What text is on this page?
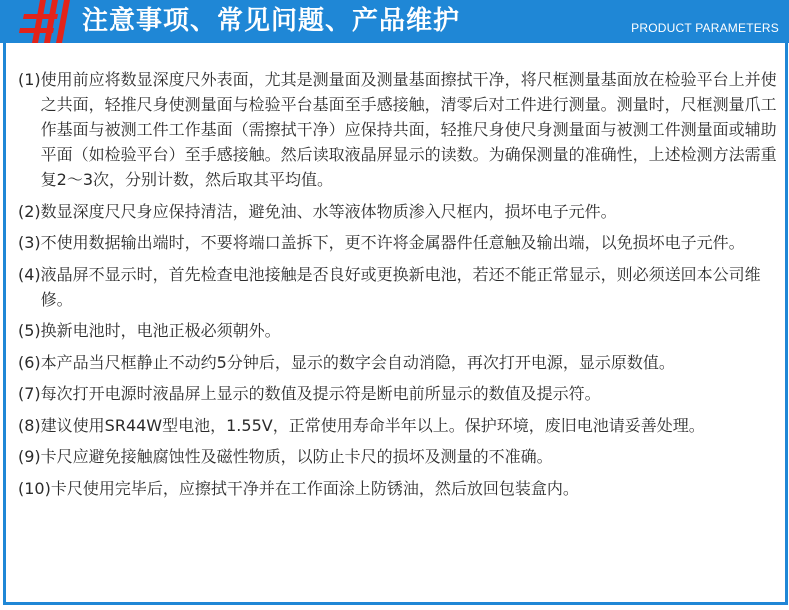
注意事项、常见问题、产品维护	PRODUCT PARAMETERS
(1) 使用前应将数显深度尺外表面，尤其是测量面及测量基面擦拭干净，将尺框测量基面放在检验平台上并使之共面，轻推尺身使测量面与检验平台基面至手感接触，清零后对工件进行测量。测量时，尺框测量爪工作基面与被测工件工作基面（需擦拭干净）应保持共面，轻推尺身使尺身测量面与被测工件测量面或辅助平面（如检验平台）至手感接触。然后读取液晶屏显示的读数。为确保测量的准确性，上述检测方法需重复2～3次，分别计数，然后取其平均值。
(2) 数显深度尺尺身应保持清洁，避免油、水等液体物质渗入尺框内，损坏电子元件。
(3) 不使用数据输出端时，不要将端口盖拆下，更不许将金属器件任意触及输出端，以免损坏电子元件。
(4) 液晶屏不显示时，首先检查电池接触是否良好或更换新电池，若还不能正常显示，则必须送回本公司维修。
(5) 换新电池时，电池正极必须朝外。
(6) 本产品当尺框静止不动约5分钟后，显示的数字会自动消隐，再次打开电源，显示原数值。
(7) 每次打开电源时液晶屏上显示的数值及提示符是断电前所显示的数值及提示符。
(8) 建议使用SR44W型电池，1.55V，正常使用寿命半年以上。保护环境，废旧电池请妥善处理。
(9) 卡尺应避免接触腐蚀性及磁性物质，以防止卡尺的损坏及测量的不准确。
(10) 卡尺使用完毕后，应擦拭干净并在工作面涂上防锈油，然后放回包装盒内。
